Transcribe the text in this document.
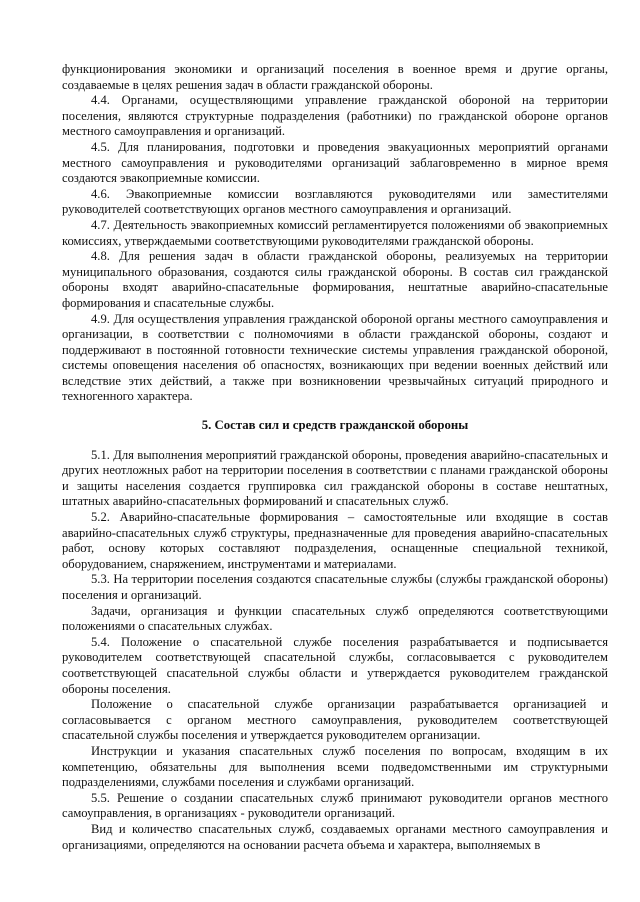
функционирования экономики и организаций поселения в военное время и другие органы, создаваемые в целях решения задач в области гражданской обороны.

4.4. Органами, осуществляющими управление гражданской обороной на территории поселения, являются структурные подразделения (работники) по гражданской обороне органов местного самоуправления и организаций.

4.5. Для планирования, подготовки и проведения эвакуационных мероприятий органами местного самоуправления и руководителями организаций заблаговременно в мирное время создаются эвакоприемные комиссии.

4.6. Эвакоприемные комиссии возглавляются руководителями или заместителями руководителей соответствующих органов местного самоуправления и организаций.

4.7. Деятельность эвакоприемных комиссий регламентируется положениями об эвакоприемных комиссиях, утверждаемыми соответствующими руководителями гражданской обороны.

4.8. Для решения задач в области гражданской обороны, реализуемых на территории муниципального образования, создаются силы гражданской обороны. В состав сил гражданской обороны входят аварийно-спасательные формирования, нештатные аварийно-спасательные формирования и спасательные службы.

4.9. Для осуществления управления гражданской обороной органы местного самоуправления и организации, в соответствии с полномочиями в области гражданской обороны, создают и поддерживают в постоянной готовности технические системы управления гражданской обороной, системы оповещения населения об опасностях, возникающих при ведении военных действий или вследствие этих действий, а также при возникновении чрезвычайных ситуаций природного и техногенного характера.

5. Состав сил и средств гражданской обороны

5.1. Для выполнения мероприятий гражданской обороны, проведения аварийно-спасательных и других неотложных работ на территории поселения в соответствии с планами гражданской обороны и защиты населения создается группировка сил гражданской обороны в составе нештатных, штатных аварийно-спасательных формирований и спасательных служб.

5.2. Аварийно-спасательные формирования – самостоятельные или входящие в состав аварийно-спасательных служб структуры, предназначенные для проведения аварийно-спасательных работ, основу которых составляют подразделения, оснащенные специальной техникой, оборудованием, снаряжением, инструментами и материалами.

5.3. На территории поселения создаются спасательные службы (службы гражданской обороны) поселения и организаций.

Задачи, организация и функции спасательных служб определяются соответствующими положениями о спасательных службах.

5.4. Положение о спасательной службе поселения разрабатывается и подписывается руководителем соответствующей спасательной службы, согласовывается с руководителем соответствующей спасательной службы области и утверждается руководителем гражданской обороны поселения.

Положение о спасательной службе организации разрабатывается организацией и согласовывается с органом местного самоуправления, руководителем соответствующей спасательной службы поселения и утверждается руководителем организации.

Инструкции и указания спасательных служб поселения по вопросам, входящим в их компетенцию, обязательны для выполнения всеми подведомственными им структурными подразделениями, службами поселения и службами организаций.

5.5. Решение о создании спасательных служб принимают руководители органов местного самоуправления, в организациях - руководители организаций.

Вид и количество спасательных служб, создаваемых органами местного самоуправления и организациями, определяются на основании расчета объема и характера, выполняемых в
